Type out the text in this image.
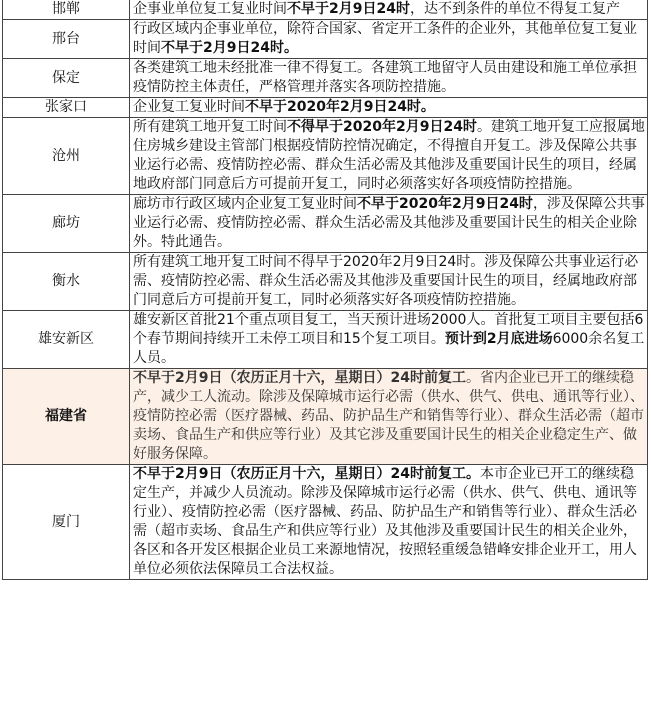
邯郸	企事业单位复工复业时间不早于2月9日24时，达不到条件的单位不得复工复产
邢台	行政区域内企事业单位，除符合国家、省定开工条件的企业外，其他单位复工复业时间不早于2月9日24时。
保定	各类建筑工地未经批准一律不得复工。各建筑工地留守人员由建设和施工单位承担疫情防控主体责任，严格管理并落实各项防控措施。
张家口	企业复工复业时间不早于2020年2月9日24时。
沧州	所有建筑工地开复工时间不得早于2020年2月9日24时。建筑工地开复工应报属地住房城乡建设主管部门根据疫情防控情况确定，不得擅自开复工。涉及保障公共事业运行必需、疫情防控必需、群众生活必需及其他涉及重要国计民生的项目，经属地政府部门同意后方可提前开复工，同时必须落实好各项疫情防控措施。
廊坊	廊坊市行政区域内企业复工复业时间不早于2020年2月9日24时，涉及保障公共事业运行必需、疫情防控必需、群众生活必需及其他涉及重要国计民生的相关企业除外。特此通告。
衡水	所有建筑工地开复工时间不得早于2020年2月9日24时。涉及保障公共事业运行必需、疫情防控必需、群众生活必需及其他涉及重要国计民生的项目，经属地政府部门同意后方可提前开复工，同时必须落实好各项疫情防控措施。
雄安新区	雄安新区首批21个重点项目复工，当天预计进场2000人。首批复工项目主要包括6个春节期间持续开工未停工项目和15个复工项目。预计到2月底进场6000余名复工人员。
福建省	不早于2月9日（农历正月十六，星期日）24时前复工。省内企业已开工的继续稳产，减少工人流动。除涉及保障城市运行必需（供水、供气、供电、通讯等行业）、疫情防控必需（医疗器械、药品、防护品生产和销售等行业）、群众生活必需（超市卖场、食品生产和供应等行业）及其它涉及重要国计民生的相关企业稳定生产、做好服务保障。
厦门	不早于2月9日（农历正月十六，星期日）24时前复工。本市企业已开工的继续稳定生产，并减少人员流动。除涉及保障城市运行必需（供水、供气、供电、通讯等行业）、疫情防控必需（医疗器械、药品、防护品生产和销售等行业）、群众生活必需（超市卖场、食品生产和供应等行业）及其他涉及重要国计民生的相关企业外，各区和各开发区根据企业员工来源地情况，按照轻重缓急错峰安排企业开工，用人单位必须依法保障员工合法权益。
